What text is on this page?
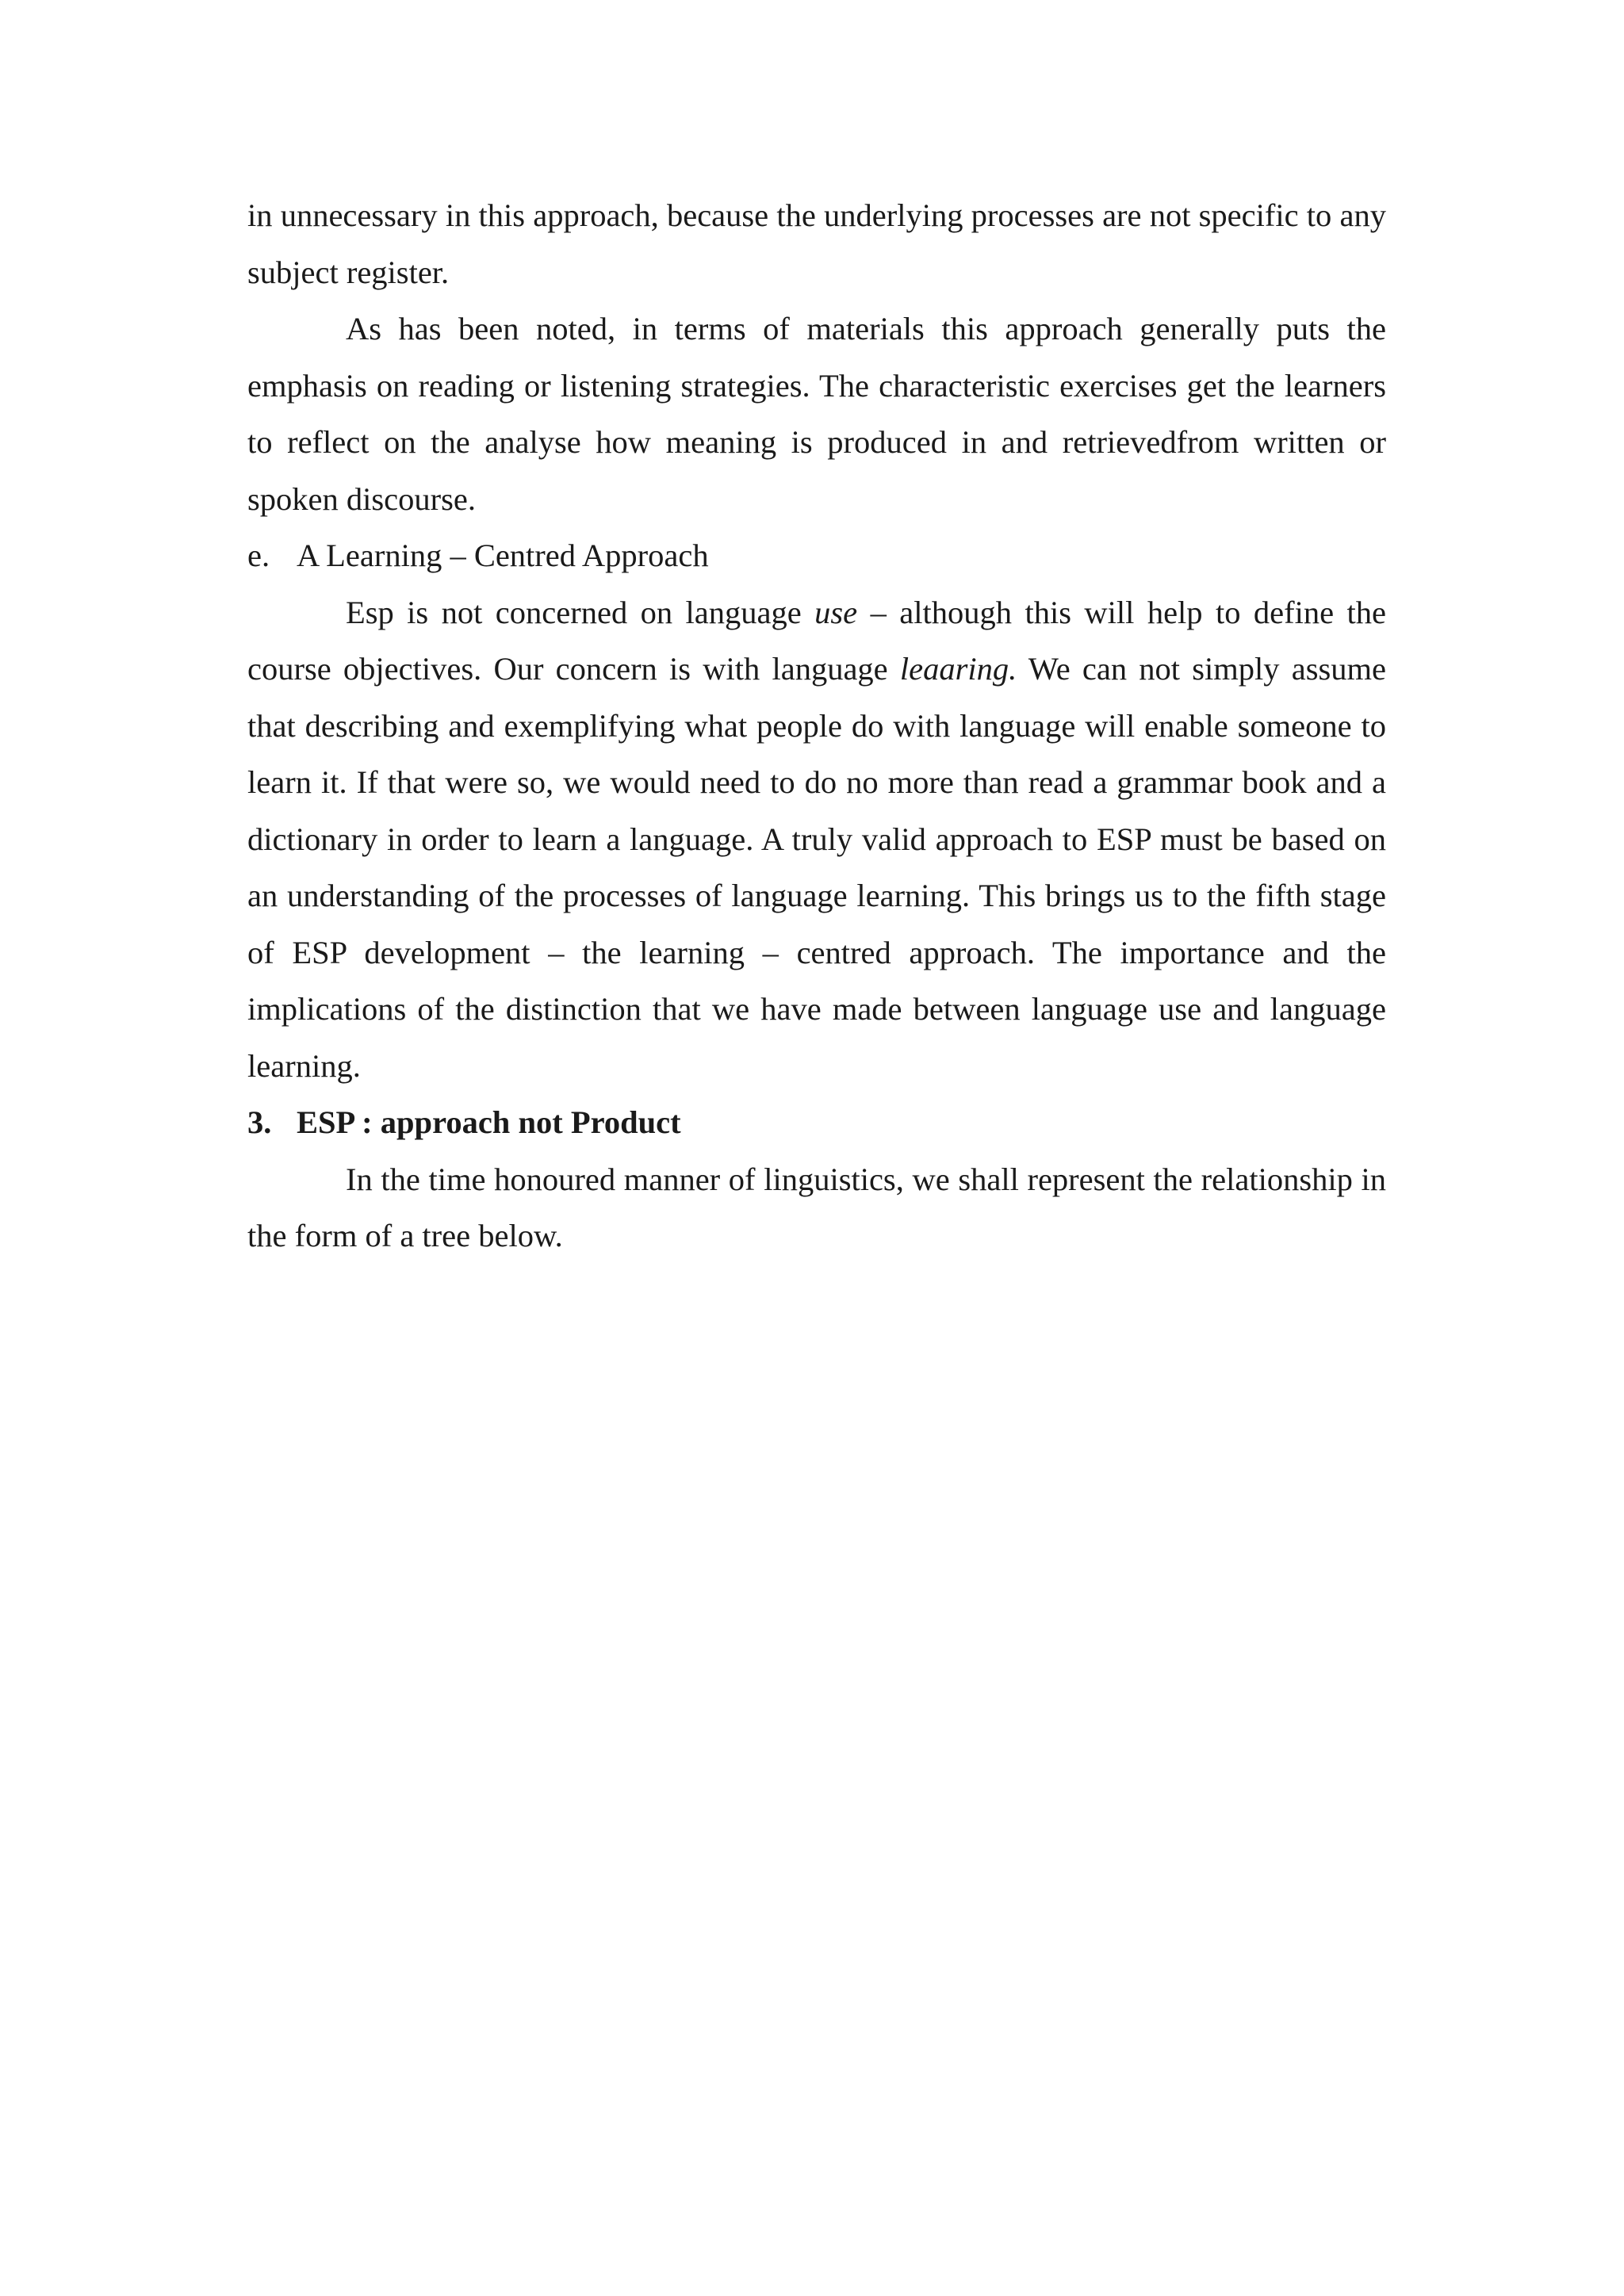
in unnecessary in this approach, because the underlying processes are not specific to any subject register.

As has been noted, in terms of materials this approach generally puts the emphasis on reading or listening strategies. The characteristic exercises get the learners to reflect on the analyse how meaning is produced in and retrievedfrom written or spoken discourse.

e. A Learning – Centred Approach

Esp is not concerned on language use – although this will help to define the course objectives. Our concern is with language leaaring. We can not simply assume that describing and exemplifying what people do with language will enable someone to learn it. If that were so, we would need to do no more than read a grammar book and a dictionary in order to learn a language. A truly valid approach to ESP must be based on an understanding of the processes of language learning. This brings us to the fifth stage of ESP development – the learning – centred approach. The importance and the implications of the distinction that we have made between language use and language learning.

3. ESP : approach not Product

In the time honoured manner of linguistics, we shall represent the relationship in the form of a tree below.
